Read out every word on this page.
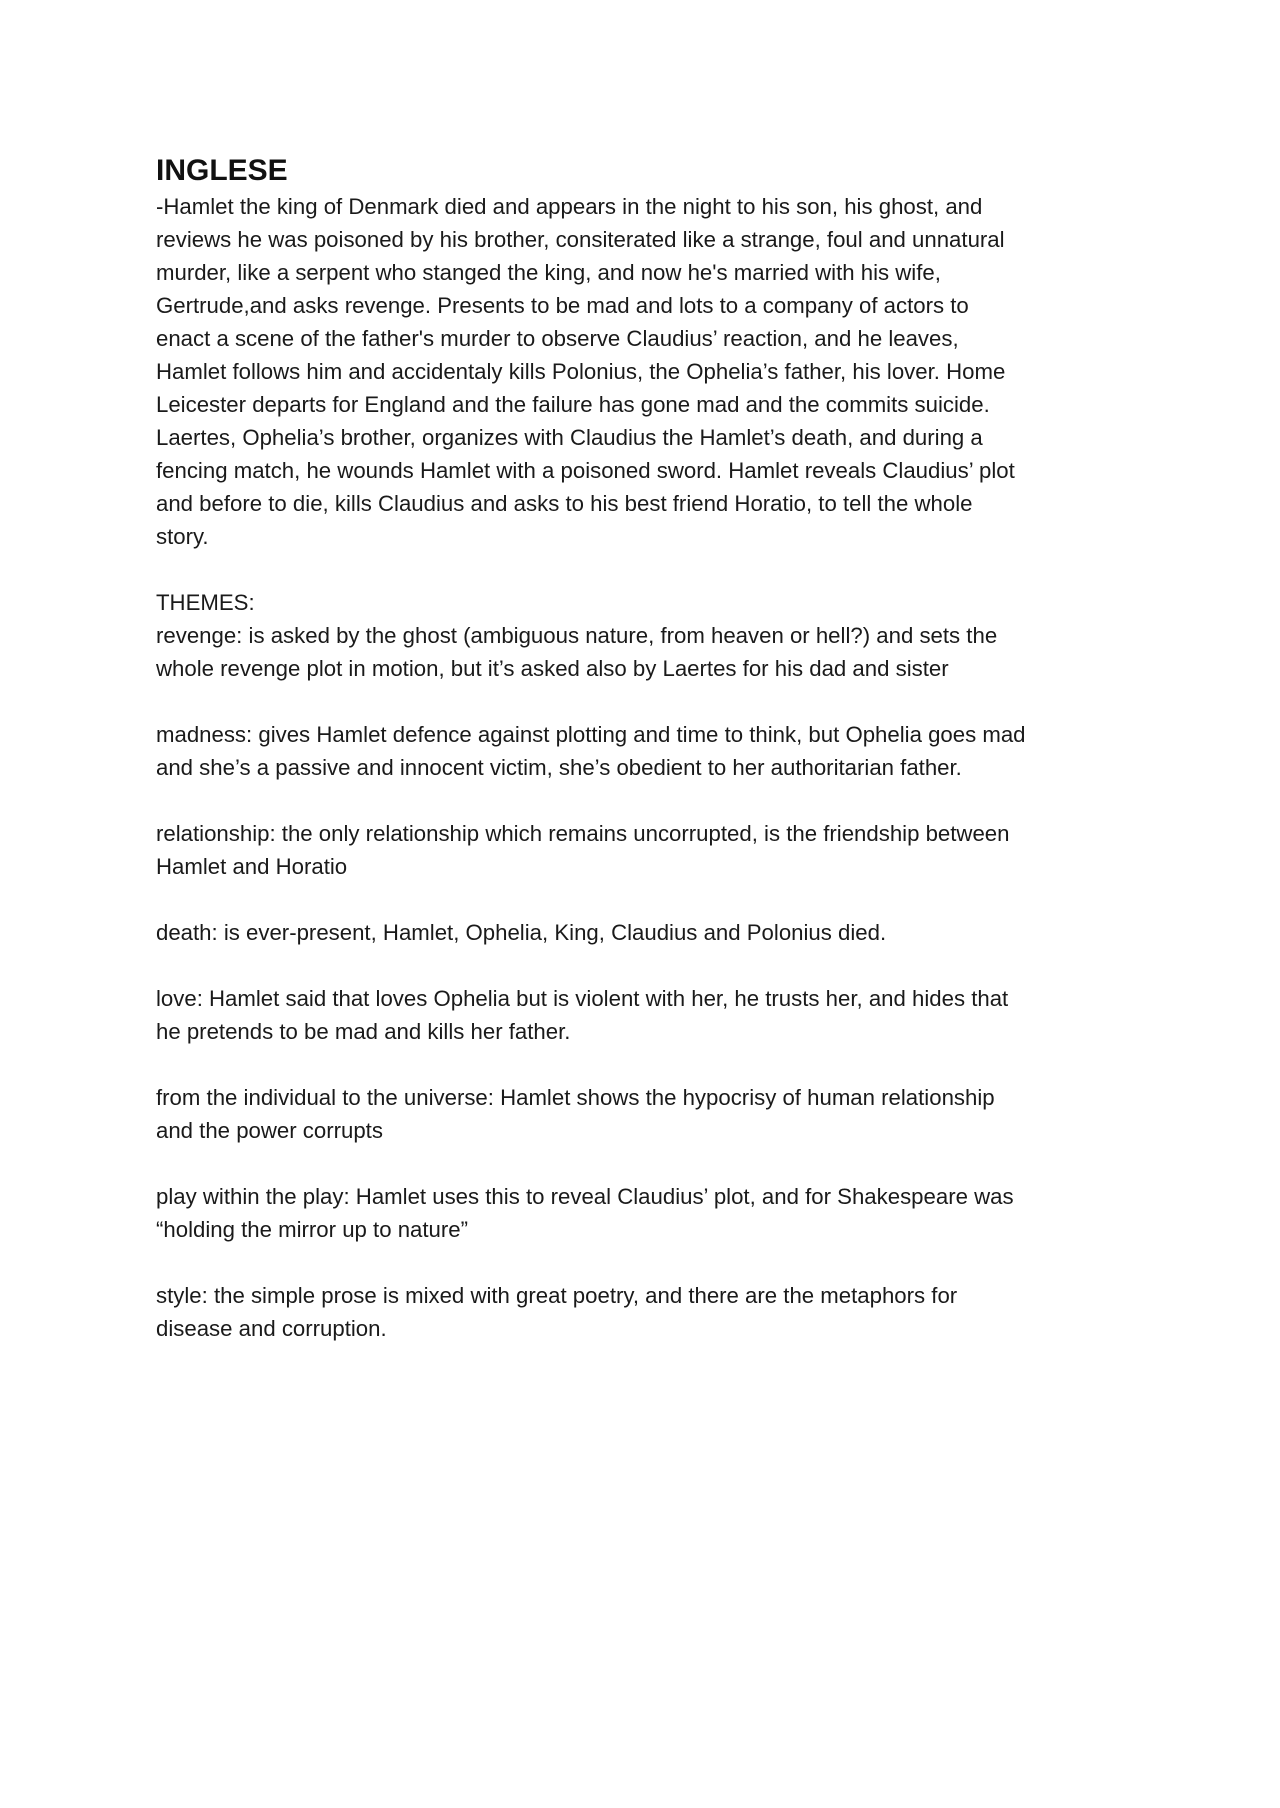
INGLESE

-Hamlet the king of Denmark died and appears in the night to his son, his ghost, and
reviews he was poisoned by his brother, consiterated like a strange, foul and unnatural
murder, like a serpent who stanged the king, and now he's married with his wife,
Gertrude,and asks revenge. Presents to be mad and lots to a company of actors to
enact a scene of the father's murder to observe Claudius’ reaction, and he leaves,
Hamlet follows him and accidentaly kills Polonius, the Ophelia’s father, his lover. Home
Leicester departs for England and the failure has gone mad and the commits suicide.
Laertes, Ophelia’s brother, organizes with Claudius the Hamlet’s death, and during a
fencing match, he wounds Hamlet with a poisoned sword. Hamlet reveals Claudius’ plot
and before to die, kills Claudius and asks to his best friend Horatio, to tell the whole
story.

THEMES:

revenge: is asked by the ghost (ambiguous nature, from heaven or hell?) and sets the
whole revenge plot in motion, but it’s asked also by Laertes for his dad and sister

madness: gives Hamlet defence against plotting and time to think, but Ophelia goes mad
and she’s a passive and innocent victim, she’s obedient to her authoritarian father.

relationship: the only relationship which remains uncorrupted, is the friendship between
Hamlet and Horatio

death: is ever-present, Hamlet, Ophelia, King, Claudius and Polonius died.

love: Hamlet said that loves Ophelia but is violent with her, he trusts her, and hides that
he pretends to be mad and kills her father.

from the individual to the universe: Hamlet shows the hypocrisy of human relationship
and the power corrupts

play within the play: Hamlet uses this to reveal Claudius’ plot, and for Shakespeare was
“holding the mirror up to nature”

style: the simple prose is mixed with great poetry, and there are the metaphors for
disease and corruption.
